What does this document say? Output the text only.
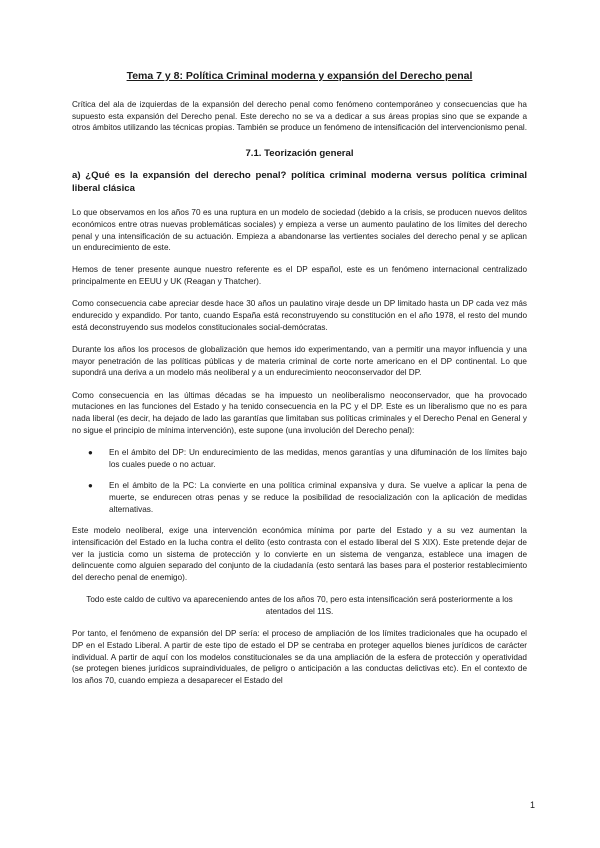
Tema 7 y 8: Política Criminal moderna y expansión del Derecho penal

Crítica del ala de izquierdas de la expansión del derecho penal como fenómeno contemporáneo y consecuencias que ha supuesto esta expansión del Derecho penal. Este derecho no se va a dedicar a sus áreas propias sino que se expande a otros ámbitos utilizando las técnicas propias. También se produce un fenómeno de intensificación del intervencionismo penal.

7.1. Teorización general
a) ¿Qué es la expansión del derecho penal? política criminal moderna versus política criminal liberal clásica

Lo que observamos en los años 70 es una ruptura en un modelo de sociedad (debido a la crisis, se producen nuevos delitos económicos entre otras nuevas problemáticas sociales) y empieza a verse un aumento paulatino de los límites del derecho penal y una intensificación de su actuación. Empieza a abandonarse las vertientes sociales del derecho penal y se aplican un endurecimiento de este.

Hemos de tener presente aunque nuestro referente es el DP español, este es un fenómeno internacional centralizado principalmente en EEUU y UK (Reagan y Thatcher).

Como consecuencia cabe apreciar desde hace 30 años un paulatino viraje desde un DP limitado hasta un DP cada vez más endurecido y expandido. Por tanto, cuando España está reconstruyendo su constitución en el año 1978, el resto del mundo está deconstruyendo sus modelos constitucionales social-demócratas.

Durante los años los procesos de globalización que hemos ido experimentando, van a permitir una mayor influencia y una mayor penetración de las políticas públicas y de materia criminal de corte norte americano en el DP continental. Lo que supondrá una deriva a un modelo más neoliberal y a un endurecimiento neoconservador del DP.

Como consecuencia en las últimas décadas se ha impuesto un neoliberalismo neoconservador, que ha provocado mutaciones en las funciones del Estado y ha tenido consecuencia en la PC y el DP. Este es un liberalismo que no es para nada liberal (es decir, ha dejado de lado las garantías que limitaban sus políticas criminales y el Derecho Penal en General y no sigue el principio de mínima intervención), este supone (una involución del Derecho penal):

● En el ámbito del DP: Un endurecimiento de las medidas, menos garantías y una difuminación de los límites bajo los cuales puede o no actuar.
● En el ámbito de la PC: La convierte en una política criminal expansiva y dura. Se vuelve a aplicar la pena de muerte, se endurecen otras penas y se reduce la posibilidad de resocialización con la aplicación de medidas alternativas.

Este modelo neoliberal, exige una intervención económica mínima por parte del Estado y a su vez aumentan la intensificación del Estado en la lucha contra el delito (esto contrasta con el estado liberal del S XIX). Este pretende dejar de ver la justicia como un sistema de protección y lo convierte en un sistema de venganza, establece una imagen de delincuente como alguien separado del conjunto de la ciudadanía (esto sentará las bases para el posterior restablecimiento del derecho penal de enemigo).

Todo este caldo de cultivo va apareceniendo antes de los años 70, pero esta intensificación será posteriormente a los atentados del 11S.

Por tanto, el fenómeno de expansión del DP sería: el proceso de ampliación de los límites tradicionales que ha ocupado el DP en el Estado Liberal. A partir de este tipo de estado el DP se centraba en proteger aquellos bienes jurídicos de carácter individual. A partir de aquí con los modelos constitucionales se da una ampliación de la esfera de protección y operatividad (se protegen bienes jurídicos supraindividuales, de peligro o anticipación a las conductas delictivas etc). En el contexto de los años 70, cuando empieza a desaparecer el Estado del

1
